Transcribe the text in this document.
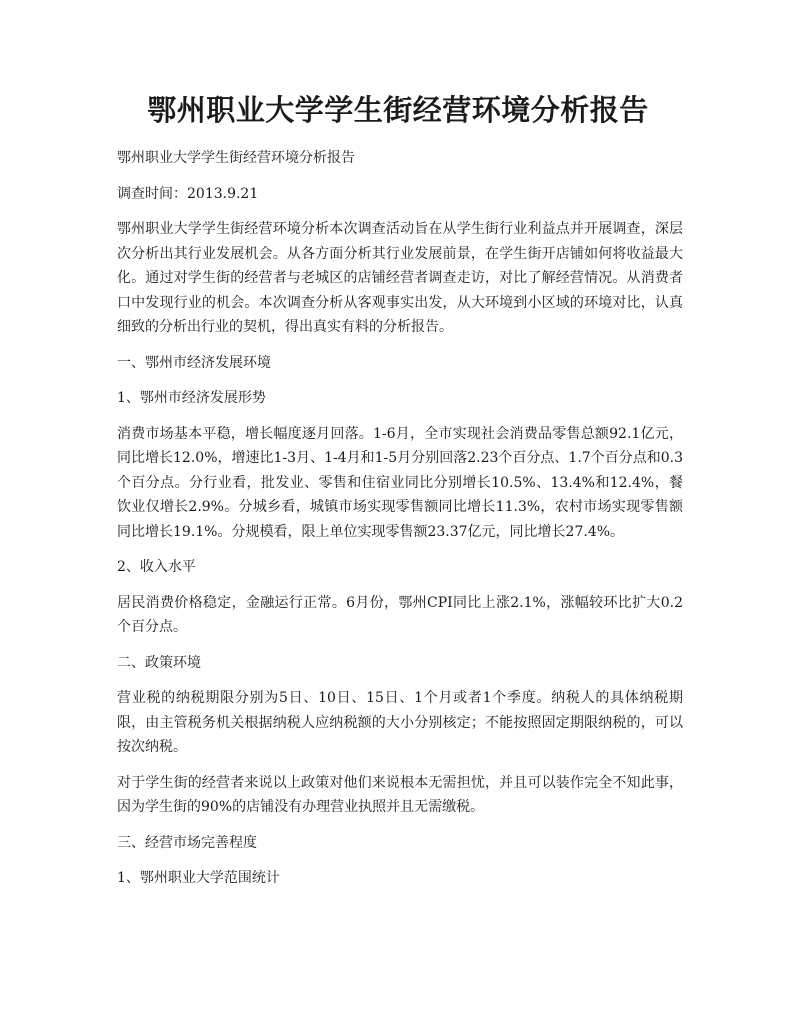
鄂州职业大学学生街经营环境分析报告

鄂州职业大学学生街经营环境分析报告

调查时间：2013.9.21

鄂州职业大学学生街经营环境分析本次调查活动旨在从学生街行业利益点并开展调查，深层次分析出其行业发展机会。从各方面分析其行业发展前景，在学生街开店铺如何将收益最大化。通过对学生街的经营者与老城区的店铺经营者调查走访，对比了解经营情况。从消费者口中发现行业的机会。本次调查分析从客观事实出发，从大环境到小区域的环境对比，认真细致的分析出行业的契机，得出真实有料的分析报告。

一、鄂州市经济发展环境

1、鄂州市经济发展形势

消费市场基本平稳，增长幅度逐月回落。1-6月，全市实现社会消费品零售总额92.1亿元，同比增长12.0%，增速比1-3月、1-4月和1-5月分别回落2.23个百分点、1.7个百分点和0.3个百分点。分行业看，批发业、零售和住宿业同比分别增长10.5%、13.4%和12.4%，餐饮业仅增长2.9%。分城乡看，城镇市场实现零售额同比增长11.3%，农村市场实现零售额同比增长19.1%。分规模看，限上单位实现零售额23.37亿元，同比增长27.4%。

2、收入水平

居民消费价格稳定，金融运行正常。6月份，鄂州CPI同比上涨2.1%，涨幅较环比扩大0.2个百分点。

二、政策环境

营业税的纳税期限分别为5日、10日、15日、1个月或者1个季度。纳税人的具体纳税期限，由主管税务机关根据纳税人应纳税额的大小分别核定；不能按照固定期限纳税的，可以按次纳税。

对于学生街的经营者来说以上政策对他们来说根本无需担忧，并且可以装作完全不知此事，因为学生街的90%的店铺没有办理营业执照并且无需缴税。

三、经营市场完善程度

1、鄂州职业大学范围统计
